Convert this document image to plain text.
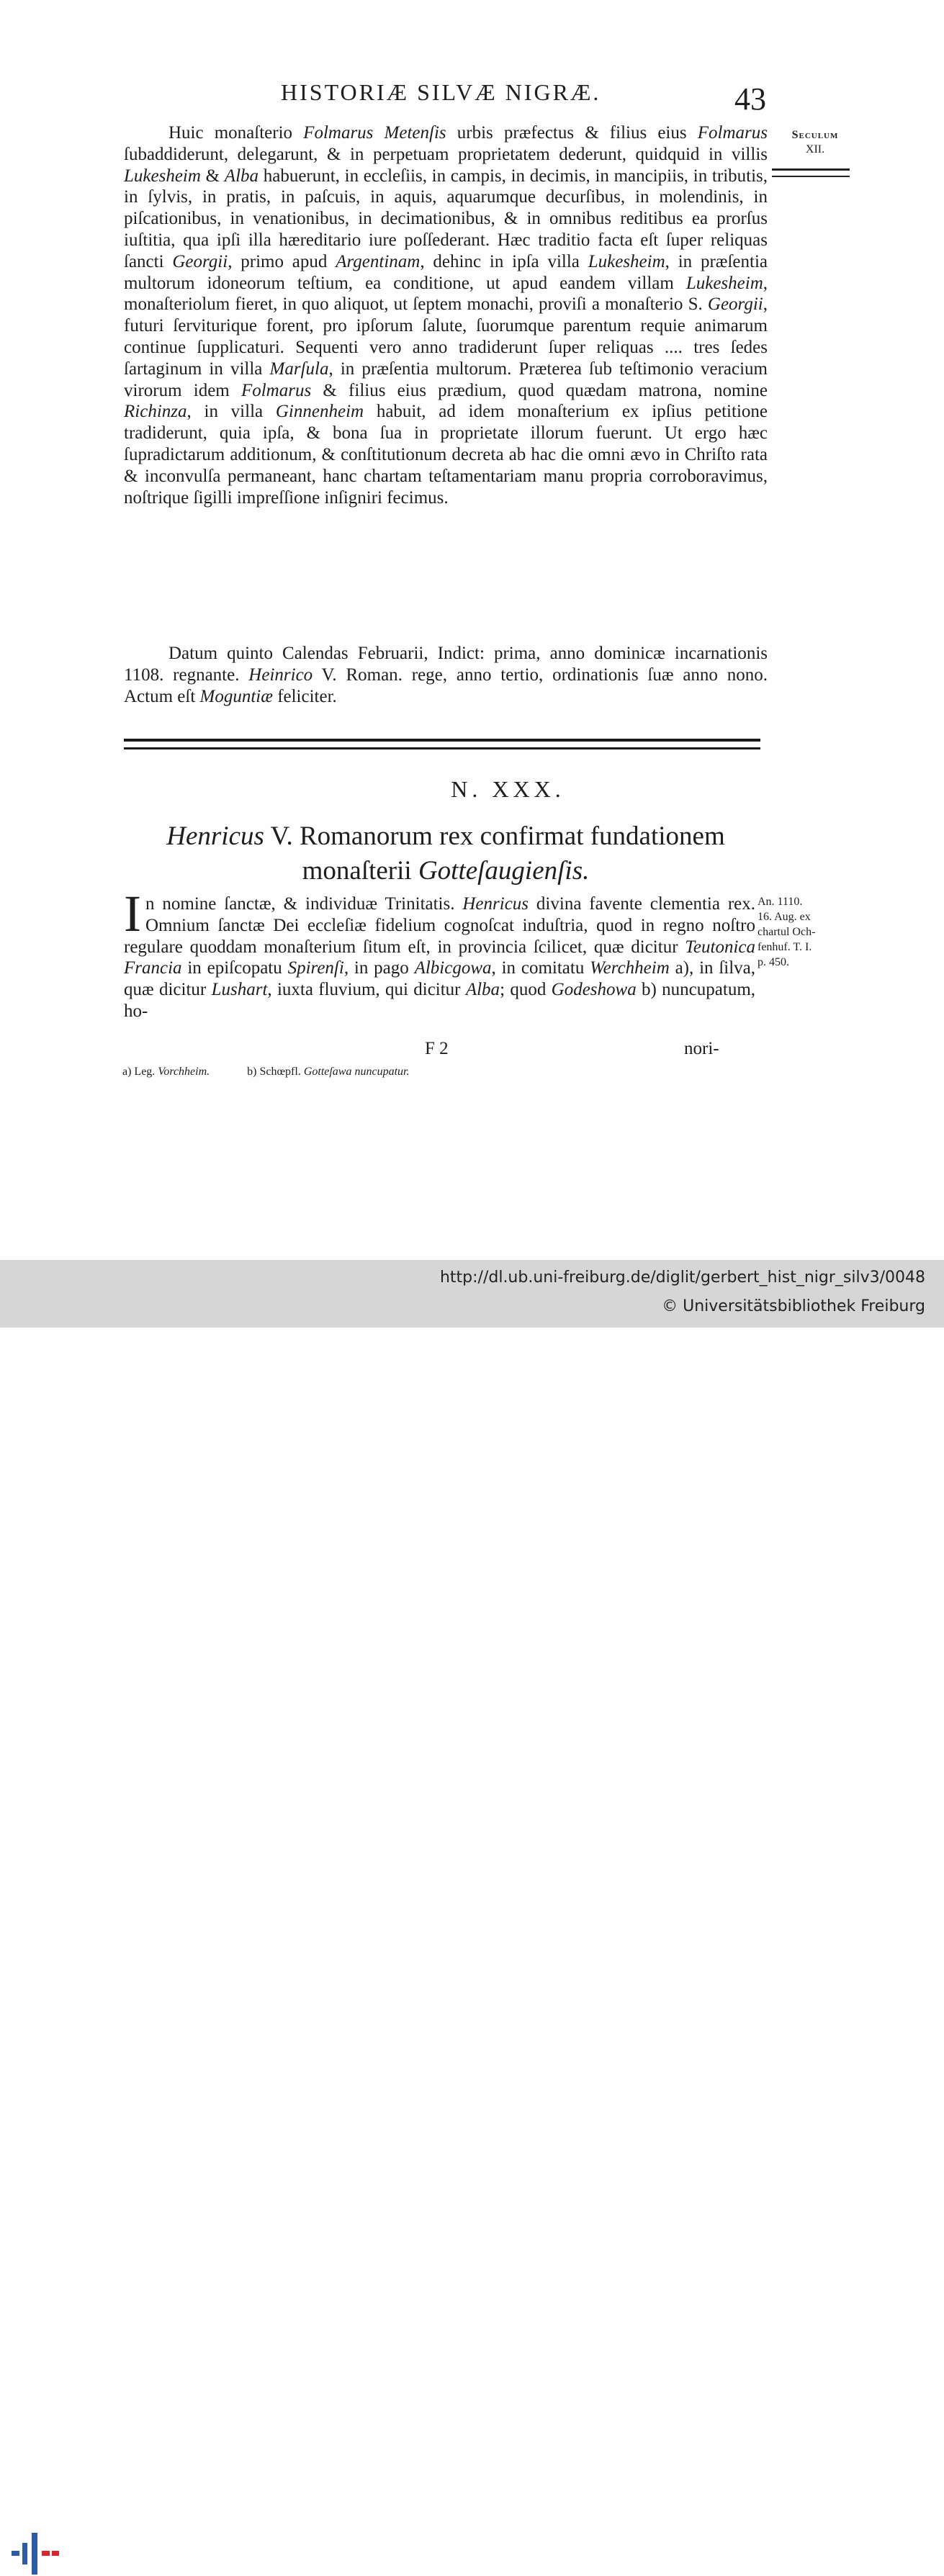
HISTORIÆ SILVÆ NIGRÆ.	43
Seculum
XII.

Huic monaſterio Folmarus Metenſis urbis præfectus & filius eius Folmarus ſubaddiderunt, delegarunt, & in perpetuam proprietatem dederunt, quidquid in villis Lukesheim & Alba habuerunt, in eccleſiis, in campis, in decimis, in mancipiis, in tributis, in ſylvis, in pratis, in paſcuis, in aquis, aquarumque decurſibus, in molendinis, in piſcationibus, in venationibus, in decimationibus, & in omnibus reditibus ea prorſus iuſtitia, qua ipſi illa hæreditario iure poſſederant. Hæc traditio facta eſt ſuper reliquas ſancti Georgii, primo apud Argentinam, dehinc in ipſa villa Lukesheim, in præſentia multorum idoneorum teſtium, ea conditione, ut apud eandem villam Lukesheim, monaſteriolum fieret, in quo aliquot, ut ſeptem monachi, proviſi a monaſterio S. Georgii, futuri ſerviturique forent, pro ipſorum ſalute, ſuorumque parentum requie animarum continue ſupplicaturi. Sequenti vero anno tradiderunt ſuper reliquas .... tres ſedes ſartaginum in villa Marſula, in præſentia multorum. Præterea ſub teſtimonio veracium virorum idem Folmarus & filius eius prædium, quod quædam matrona, nomine Richinza, in villa Ginnenheim habuit, ad idem monaſterium ex ipſius petitione tradiderunt, quia ipſa, & bona ſua in proprietate illorum fuerunt. Ut ergo hæc ſupradictarum additionum, & conſtitutionum decreta ab hac die omni ævo in Chriſto rata & inconvulſa permaneant, hanc chartam teſtamentariam manu propria corroboravimus, noſtrique ſigilli impreſſione inſigniri fecimus.

Datum quinto Calendas Februarii, Indict: prima, anno dominicæ incarnationis 1108. regnante. Heinrico V. Roman. rege, anno tertio, ordinationis ſuæ anno nono. Actum eſt Moguntiæ feliciter.

N. XXX.
Henricus V. Romanorum rex confirmat fundationem monaſterii Gotteſaugienſis.
I n nomine ſanctæ, & individuæ Trinitatis. Henricus divina favente clementia rex. Omnium ſanctæ Dei eccleſiæ fidelium cognoſcat induſtria, quod in regno noſtro regulare quoddam monaſterium ſitum eſt, in provincia ſcilicet, quæ dicitur Teutonica Francia in epiſcopatu Spirenſi, in pago Albicgowa, in comitatu Werchheim a), in ſilva, quæ dicitur Lushart, iuxta fluvium, qui dicitur Alba; quod Godeshowa b) nuncupatum, ho-

An. 1110.
16. Aug. ex
chartul Och-
fenhuf. T. I.
p. 450.
F 2	nori-
a) Leg. Vorchheim.	b) Schœpfl. Gotteſawa nuncupatur.
http://dl.ub.uni-freiburg.de/diglit/gerbert_hist_nigr_silv3/0048
© Universitätsbibliothek Freiburg
